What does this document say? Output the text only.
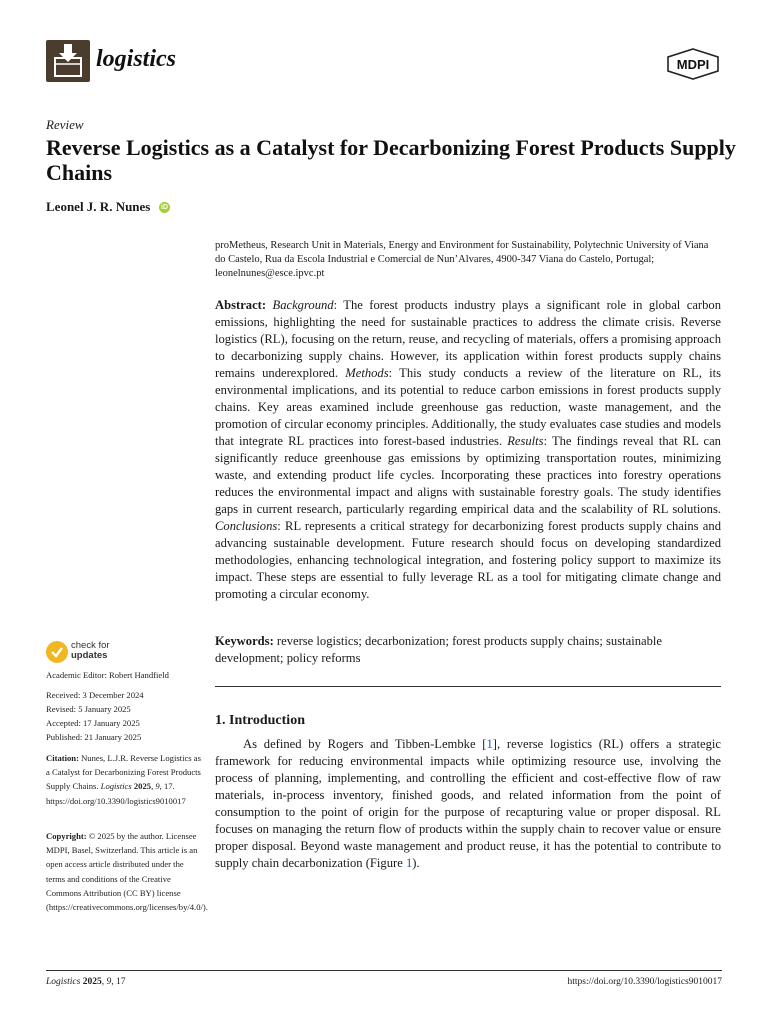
logistics	MDPI
Review
Reverse Logistics as a Catalyst for Decarbonizing Forest Products Supply Chains
Leonel J. R. Nunes iD
proMetheus, Research Unit in Materials, Energy and Environment for Sustainability, Polytechnic University of Viana do Castelo, Rua da Escola Industrial e Comercial de Nun’Alvares, 4900-347 Viana do Castelo, Portugal; leonelnunes@esce.ipvc.pt

Abstract: Background: The forest products industry plays a significant role in global carbon emissions, highlighting the need for sustainable practices to address the climate crisis. Reverse logistics (RL), focusing on the return, reuse, and recycling of materials, offers a promising approach to decarbonizing supply chains. However, its application within forest products supply chains remains underexplored. Methods: This study conducts a review of the literature on RL, its environmental implications, and its potential to reduce carbon emissions in forest products supply chains. Key areas examined include greenhouse gas reduction, waste management, and the promotion of circular economy principles. Additionally, the study evaluates case studies and models that integrate RL practices into forest-based industries. Results: The findings reveal that RL can significantly reduce greenhouse gas emissions by optimizing transportation routes, minimizing waste, and extending product life cycles. Incorporating these practices into forestry operations reduces the environmental impact and aligns with sustainable forestry goals. The study identifies gaps in current research, particularly regarding empirical data and the scalability of RL solutions. Conclusions: RL represents a critical strategy for decarbonizing forest products supply chains and advancing sustainable development. Future research should focus on developing standardized methodologies, enhancing technological integration, and fostering policy support to maximize its impact. These steps are essential to fully leverage RL as a tool for mitigating climate change and promoting a circular economy.

Keywords: reverse logistics; decarbonization; forest products supply chains; sustainable development; policy reforms

1. Introduction

As defined by Rogers and Tibben-Lembke [1], reverse logistics (RL) offers a strategic framework for reducing environmental impacts while optimizing resource use, involving the process of planning, implementing, and controlling the efficient and cost-effective flow of raw materials, in-process inventory, finished goods, and related information from the point of consumption to the point of origin for the purpose of recapturing value or proper disposal. RL focuses on managing the return flow of products within the supply chain to recover value or ensure proper disposal. Beyond waste management and product reuse, it has the potential to contribute to supply chain decarbonization (Figure 1).

check for
updates
Academic Editor: Robert Handfield
Received: 3 December 2024
Revised: 5 January 2025
Accepted: 17 January 2025
Published: 21 January 2025

Citation: Nunes, L.J.R. Reverse Logistics as a Catalyst for Decarbonizing Forest Products Supply Chains. Logistics 2025, 9, 17. https://doi.org/10.3390/logistics9010017

Copyright: © 2025 by the author. Licensee MDPI, Basel, Switzerland. This article is an open access article distributed under the terms and conditions of the Creative Commons Attribution (CC BY) license (https://creativecommons.org/licenses/by/4.0/).

Logistics 2025, 9, 17	https://doi.org/10.3390/logistics9010017
